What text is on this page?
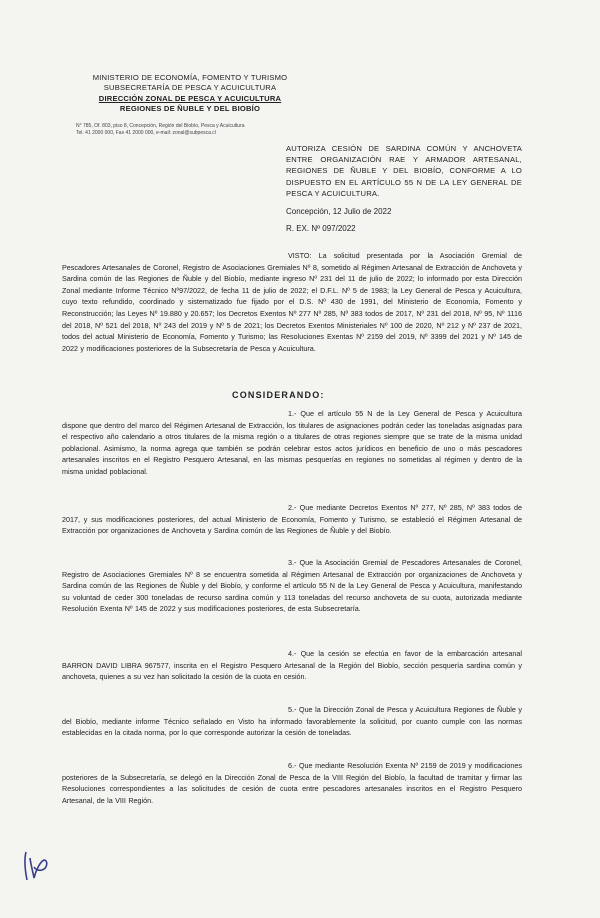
MINISTERIO DE ECONOMÍA, FOMENTO Y TURISMO
SUBSECRETARÍA DE PESCA Y ACUICULTURA
DIRECCIÓN ZONAL DE PESCA Y ACUICULTURA
REGIONES DE ÑUBLE Y DEL BIOBÍO
N° 785, Of. 803, piso 8, Concepción, Región del Biobío, Pesca y Acuicultura
Tel. 41 2000 000, Fax 41 2000 000, e-mail: zonal@subpesca.cl
AUTORIZA CESIÓN DE SARDINA COMÚN Y ANCHOVETA ENTRE ORGANIZACIÓN RAE Y ARMADOR ARTESANAL, REGIONES DE ÑUBLE Y DEL BIOBÍO, CONFORME A LO DISPUESTO EN EL ARTÍCULO 55 N DE LA LEY GENERAL DE PESCA Y ACUICULTURA.
Concepción, 12 Julio de 2022
R. EX. Nº 097/2022
VISTO: La solicitud presentada por la Asociación Gremial de Pescadores Artesanales de Coronel, Registro de Asociaciones Gremiales Nº 8, sometido al Régimen Artesanal de Extracción de Anchoveta y Sardina común de las Regiones de Ñuble y del Biobío, mediante ingreso Nº 231 del 11 de julio de 2022; lo informado por esta Dirección Zonal mediante Informe Técnico Nº97/2022, de fecha 11 de julio de 2022; el D.F.L. Nº 5 de 1983; la Ley General de Pesca y Acuicultura, cuyo texto refundido, coordinado y sistematizado fue fijado por el D.S. Nº 430 de 1991, del Ministerio de Economía, Fomento y Reconstrucción; las Leyes Nº 19.880 y 20.657; los Decretos Exentos Nº 277 Nº 285, Nº 383 todos de 2017, Nº 231 del 2018, Nº 95, Nº 1116 del 2018, Nº 521 del 2018, Nº 243 del 2019 y Nº 5 de 2021; los Decretos Exentos Ministeriales Nº 100 de 2020, Nº 212 y Nº 237 de 2021, todos del actual Ministerio de Economía, Fomento y Turismo; las Resoluciones Exentas Nº 2159 del 2019, Nº 3399 del 2021 y Nº 145 de 2022 y modificaciones posteriores de la Subsecretaría de Pesca y Acuicultura.
CONSIDERANDO:
1.- Que el artículo 55 N de la Ley General de Pesca y Acuicultura dispone que dentro del marco del Régimen Artesanal de Extracción, los titulares de asignaciones podrán ceder las toneladas asignadas para el respectivo año calendario a otros titulares de la misma región o a titulares de otras regiones siempre que se trate de la misma unidad poblacional. Asimismo, la norma agrega que también se podrán celebrar estos actos jurídicos en beneficio de uno o más pescadores artesanales inscritos en el Registro Pesquero Artesanal, en las mismas pesquerías en regiones no sometidas al régimen y dentro de la misma unidad poblacional.
2.- Que mediante Decretos Exentos Nº 277, Nº 285, Nº 383 todos de 2017, y sus modificaciones posteriores, del actual Ministerio de Economía, Fomento y Turismo, se estableció el Régimen Artesanal de Extracción por organizaciones de Anchoveta y Sardina común de las Regiones de Ñuble y del Biobío.
3.- Que la Asociación Gremial de Pescadores Artesanales de Coronel, Registro de Asociaciones Gremiales Nº 8 se encuentra sometida al Régimen Artesanal de Extracción por organizaciones de Anchoveta y Sardina común de las Regiones de Ñuble y del Biobío, y conforme el artículo 55 N de la Ley General de Pesca y Acuicultura, manifestando su voluntad de ceder 300 toneladas de recurso sardina común y 113 toneladas del recurso anchoveta de su cuota, autorizada mediante Resolución Exenta Nº 145 de 2022 y sus modificaciones posteriores, de esta Subsecretaría.
4.- Que la cesión se efectúa en favor de la embarcación artesanal BARRON DAVID LIBRA 967577, inscrita en el Registro Pesquero Artesanal de la Región del Biobío, sección pesquería sardina común y anchoveta, quienes a su vez han solicitado la cesión de la cuota en cesión.
5.- Que la Dirección Zonal de Pesca y Acuicultura Regiones de Ñuble y del Biobío, mediante informe Técnico señalado en Visto ha informado favorablemente la solicitud, por cuanto cumple con las normas establecidas en la citada norma, por lo que corresponde autorizar la cesión de toneladas.
6.- Que mediante Resolución Exenta Nº 2159 de 2019 y modificaciones posteriores de la Subsecretaría, se delegó en la Dirección Zonal de Pesca de la VIII Región del Biobío, la facultad de tramitar y firmar las Resoluciones correspondientes a las solicitudes de cesión de cuota entre pescadores artesanales inscritos en el Registro Pesquero Artesanal, de la VIII Región.
